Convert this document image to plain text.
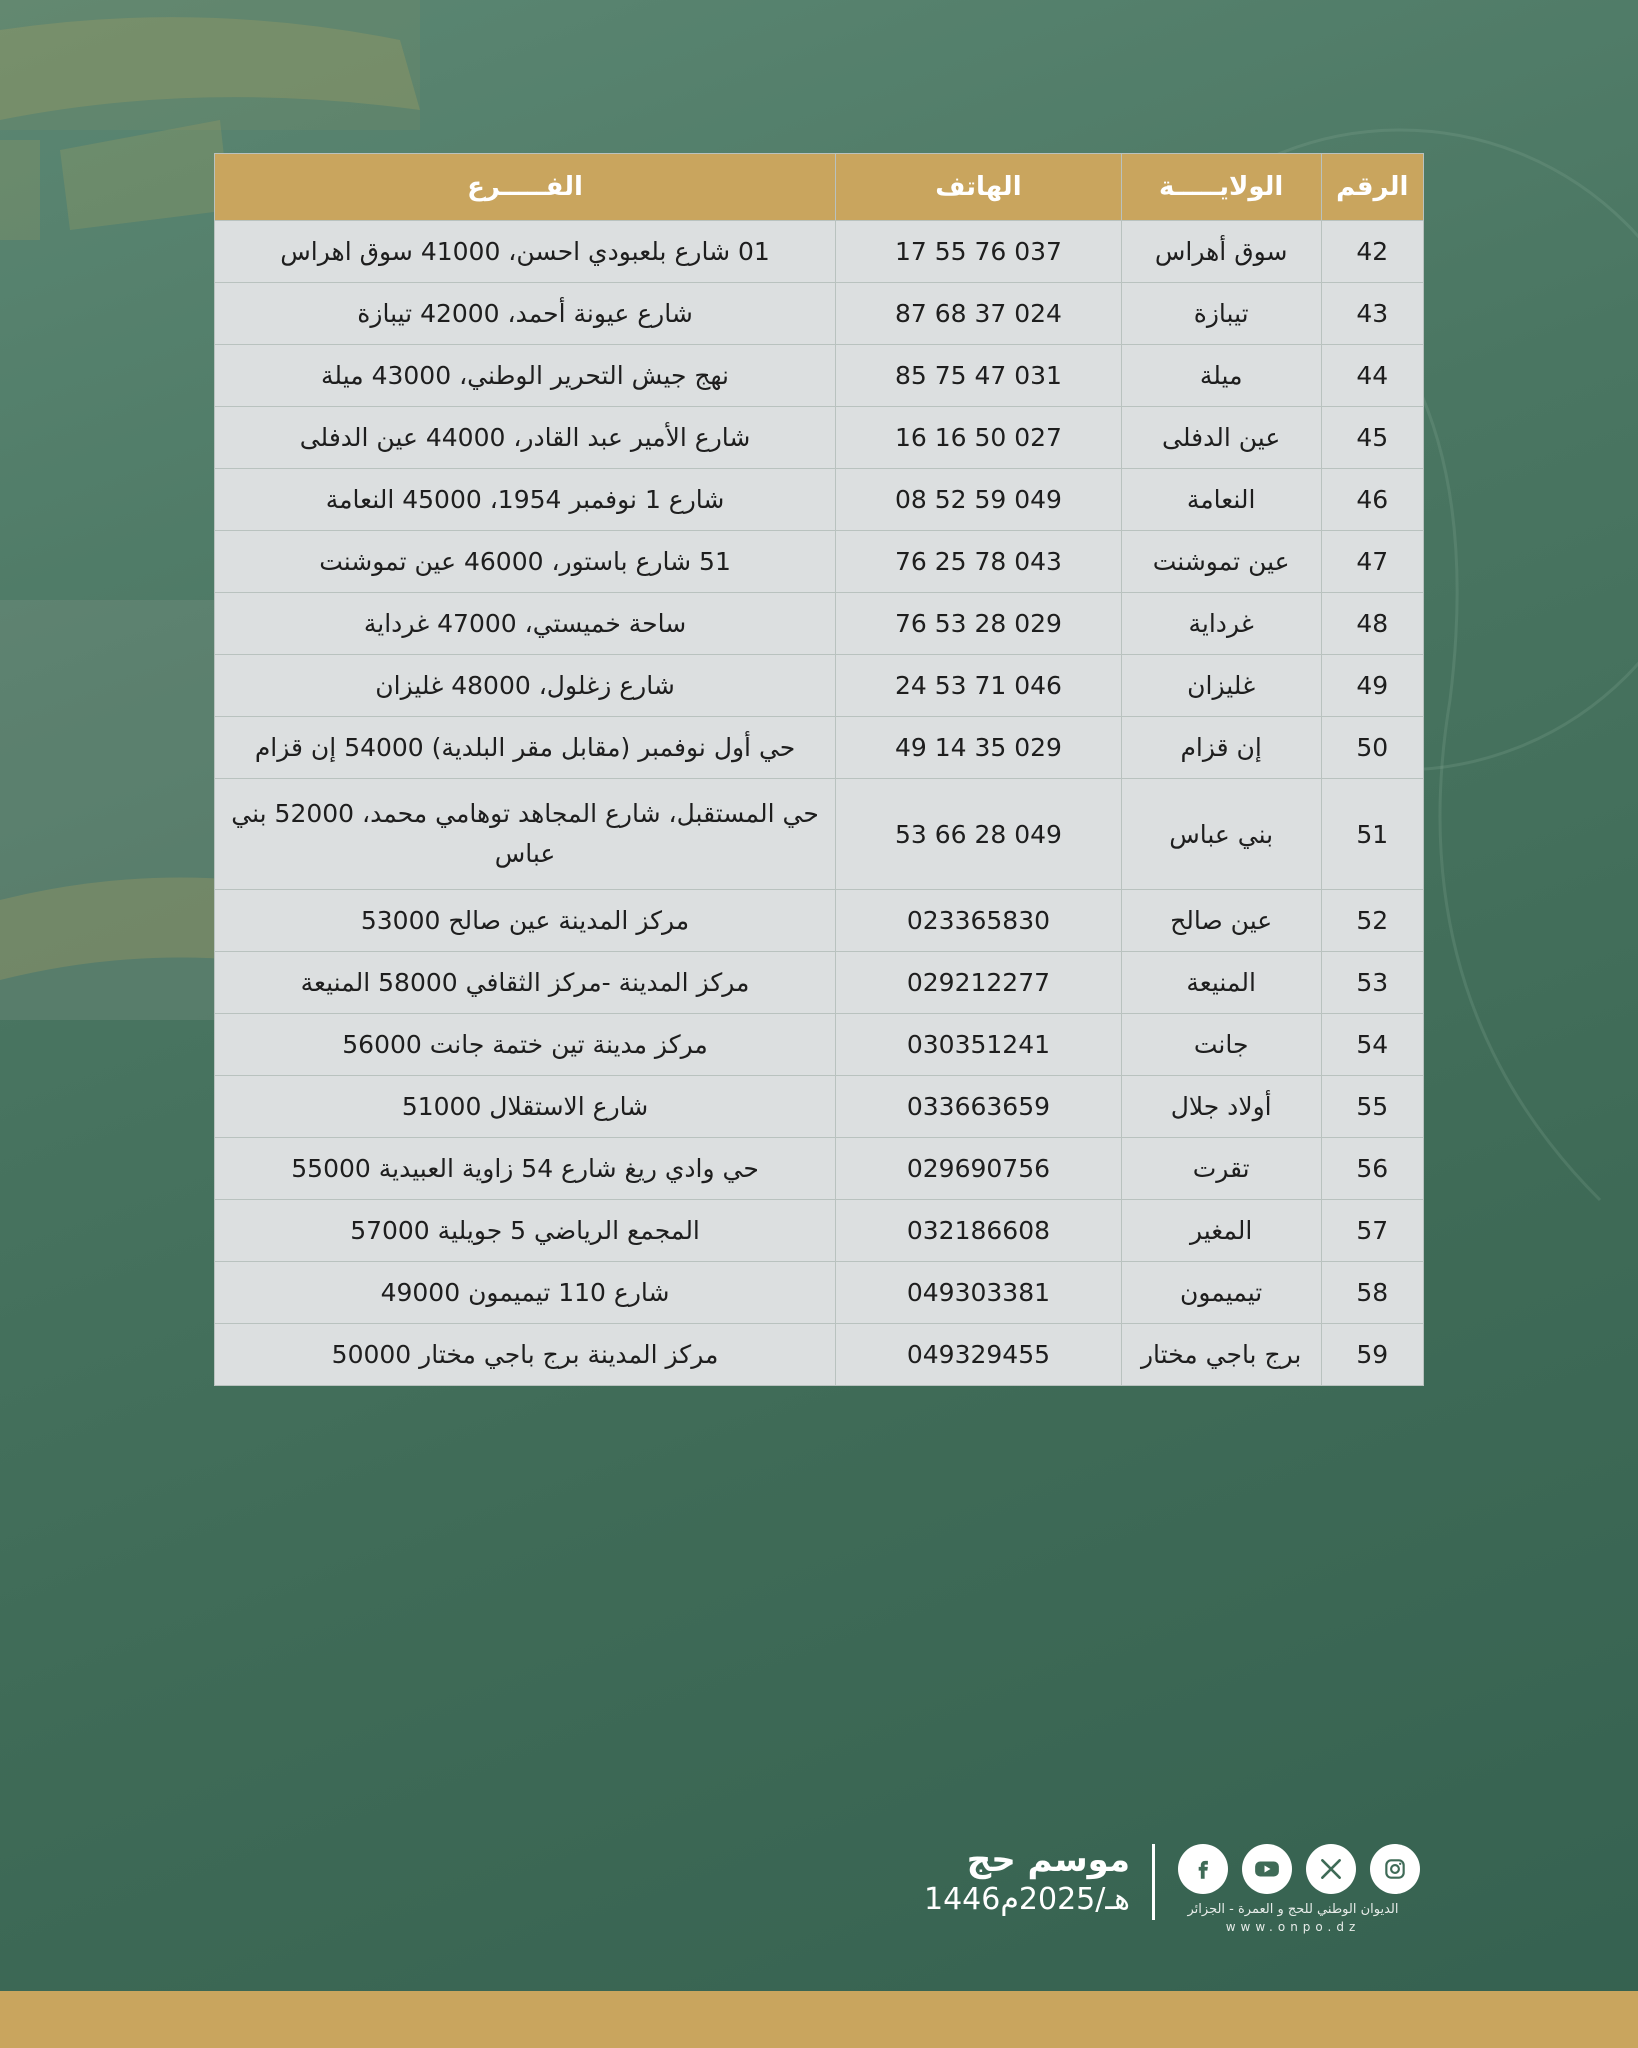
الرقم	الولايـــــة	الهاتف	الفـــــرع
42	سوق أهراس	037 76 55 17	01 شارع بلعبودي احسن، 41000 سوق اهراس
43	تيبازة	024 37 68 87	شارع عيونة أحمد، 42000 تيبازة
44	ميلة	031 47 75 85	نهج جيش التحرير الوطني، 43000 ميلة
45	عين الدفلى	027 50 16 16	شارع الأمير عبد القادر، 44000 عين الدفلى
46	النعامة	049 59 52 08	شارع 1 نوفمبر 1954، 45000 النعامة
47	عين تموشنت	043 78 25 76	51 شارع باستور، 46000 عين تموشنت
48	غرداية	029 28 53 76	ساحة خميستي، 47000 غرداية
49	غليزان	046 71 53 24	شارع زغلول، 48000 غليزان
50	إن قزام	029 35 14 49	حي أول نوفمبر (مقابل مقر البلدية) 54000 إن قزام
51	بني عباس	049 28 66 53	حي المستقبل، شارع المجاهد توهامي محمد، 52000 بني عباس
52	عين صالح	023365830	مركز المدينة عين صالح 53000
53	المنيعة	029212277	مركز المدينة -مركز الثقافي 58000 المنيعة
54	جانت	030351241	مركز مدينة تين ختمة جانت 56000
55	أولاد جلال	033663659	شارع الاستقلال 51000
56	تقرت	029690756	حي وادي ريغ شارع 54 زاوية العبيدية 55000
57	المغير	032186608	المجمع الرياضي 5 جويلية 57000
58	تيميمون	049303381	شارع 110 تيميمون 49000
59	برج باجي مختار	049329455	مركز المدينة برج باجي مختار 50000
الديوان الوطني للحج و العمرة - الجزائر
www.onpo.dz
موسم حج
1446هـ/2025م
